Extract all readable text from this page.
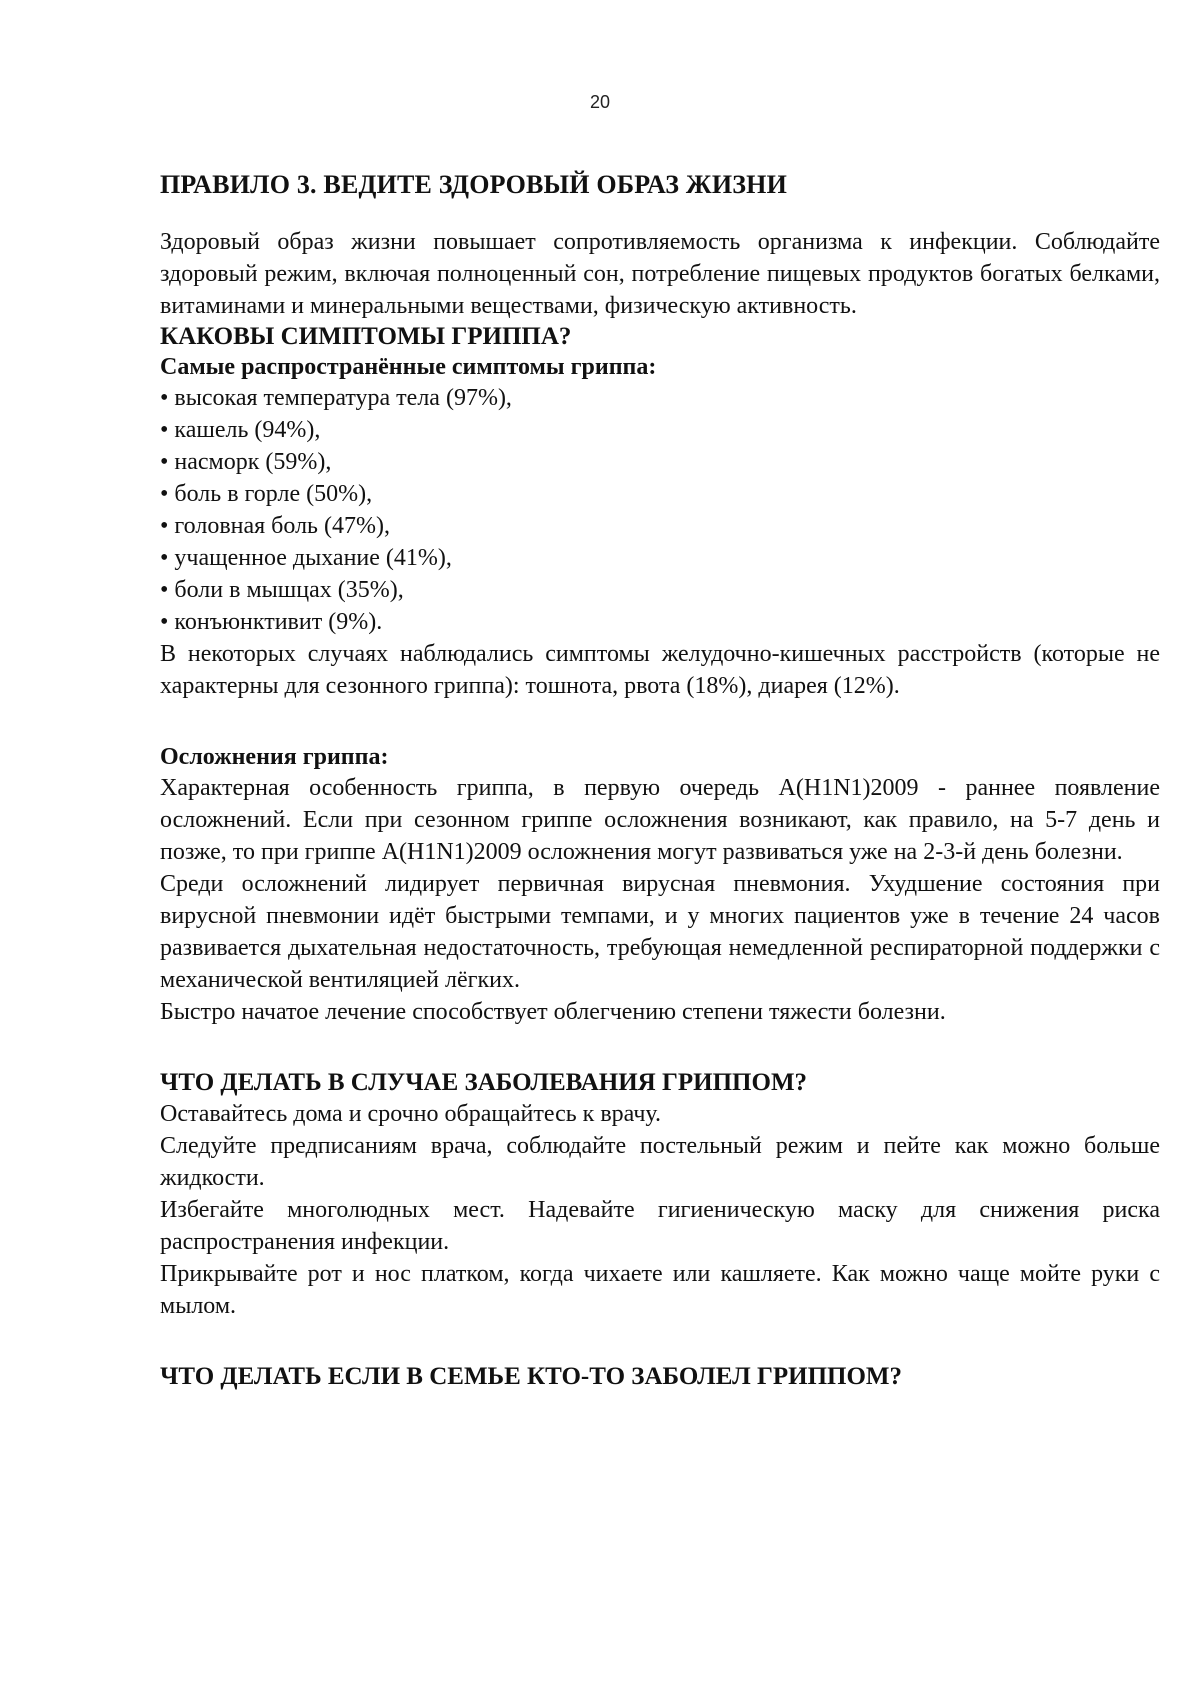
20
ПРАВИЛО 3. ВЕДИТЕ ЗДОРОВЫЙ ОБРАЗ ЖИЗНИ

Здоровый образ жизни повышает сопротивляемость организма к инфекции. Соблюдайте здоровый режим, включая полноценный сон, потребление пищевых продуктов богатых белками, витаминами и минеральными веществами, физическую активность.

КАКОВЫ СИМПТОМЫ ГРИППА?
Самые распространённые симптомы гриппа:
• высокая температура тела (97%),
• кашель (94%),
• насморк (59%),
• боль в горле (50%),
• головная боль (47%),
• учащенное дыхание (41%),
• боли в мышцах (35%),
• конъюнктивит (9%).

В некоторых случаях наблюдались симптомы желудочно-кишечных расстройств (которые не характерны для сезонного гриппа): тошнота, рвота (18%), диарея (12%).

Осложнения гриппа:

Характерная особенность гриппа, в первую очередь A(H1N1)2009 - раннее появление осложнений. Если при сезонном гриппе осложнения возникают, как правило, на 5-7 день и позже, то при гриппе A(H1N1)2009 осложнения могут развиваться уже на 2-3-й день болезни.

Среди осложнений лидирует первичная вирусная пневмония. Ухудшение состояния при вирусной пневмонии идёт быстрыми темпами, и у многих пациентов уже в течение 24 часов развивается дыхательная недостаточность, требующая немедленной респираторной поддержки с механической вентиляцией лёгких.

Быстро начатое лечение способствует облегчению степени тяжести болезни.

ЧТО ДЕЛАТЬ В СЛУЧАЕ ЗАБОЛЕВАНИЯ ГРИППОМ?

Оставайтесь дома и срочно обращайтесь к врачу.

Следуйте предписаниям врача, соблюдайте постельный режим и пейте как можно больше жидкости.

Избегайте многолюдных мест. Надевайте гигиеническую маску для снижения риска распространения инфекции.

Прикрывайте рот и нос платком, когда чихаете или кашляете. Как можно чаще мойте руки с мылом.

ЧТО ДЕЛАТЬ ЕСЛИ В СЕМЬЕ КТО-ТО ЗАБОЛЕЛ ГРИППОМ?
